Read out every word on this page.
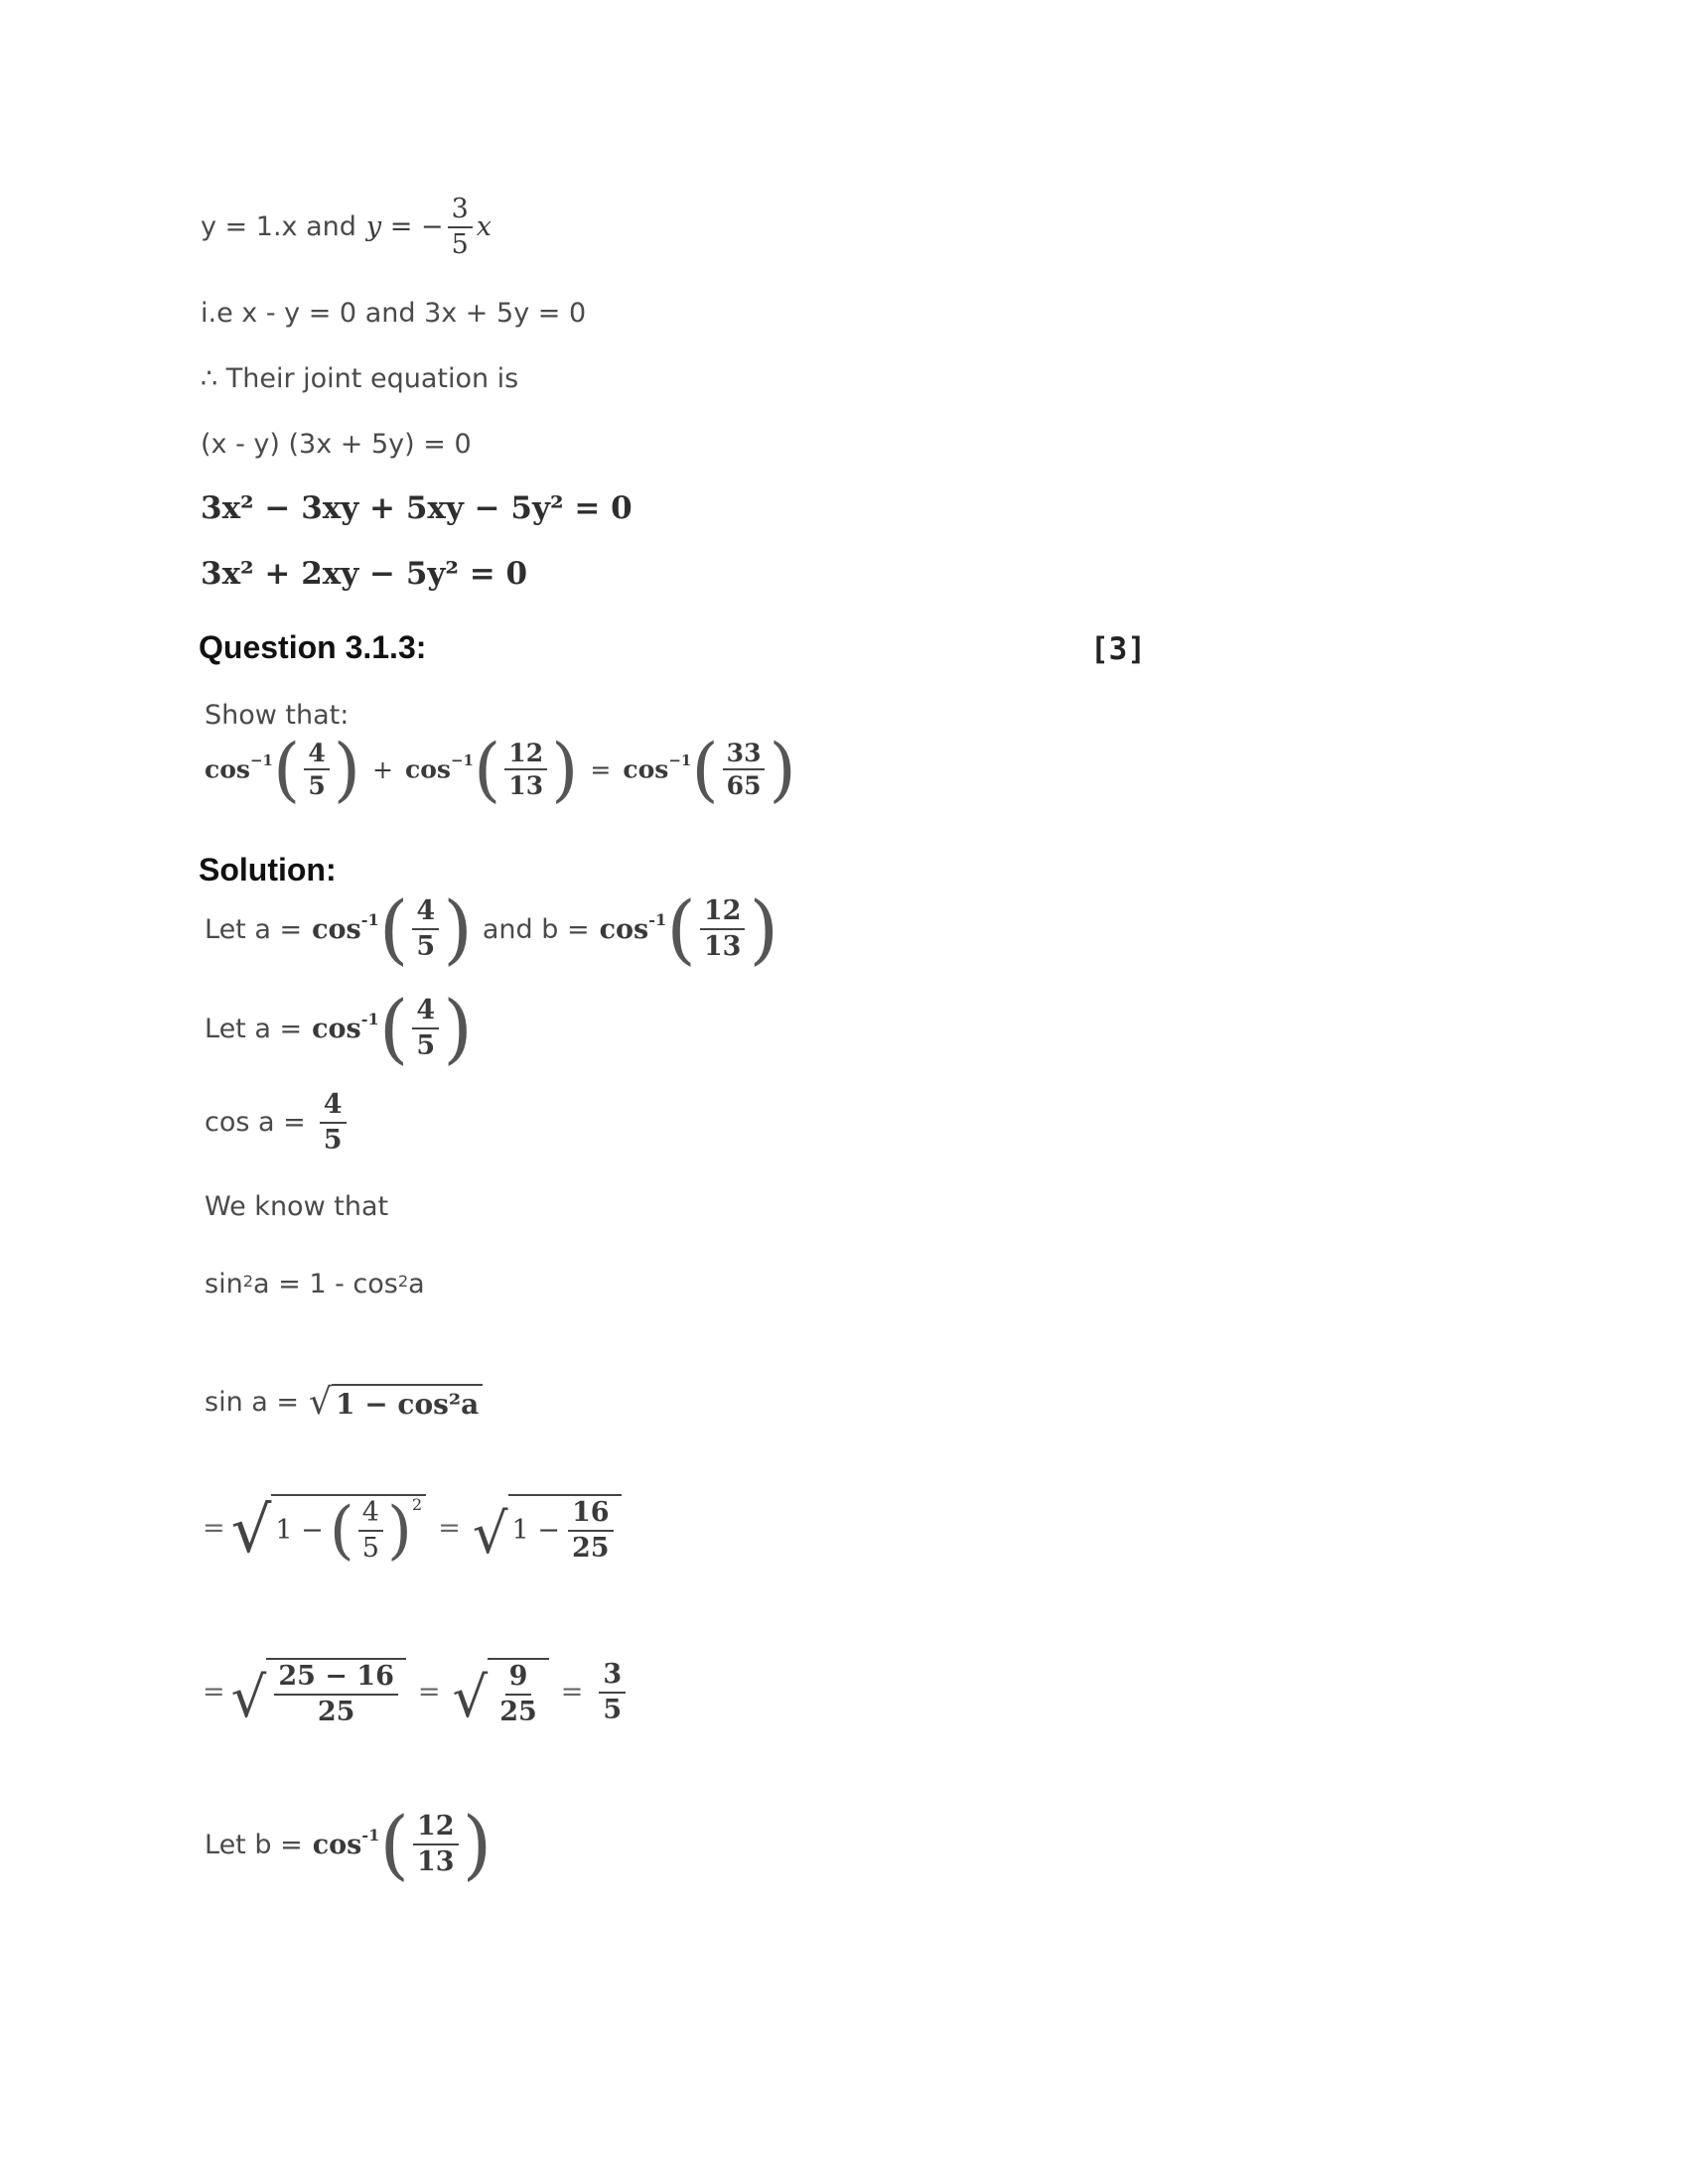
y = 1.x and y = − $\frac{3}{5}$ x
i.e x - y = 0 and 3x + 5y = 0
∴ Their joint equation is
(x - y) (3x + 5y) = 0
3x² − 3xy + 5xy − 5y² = 0
3x² + 2xy − 5y² = 0
Question 3.1.3:	[3]
Show that:
$\cos^{-1}$ ( $\frac{4}{5}$ ) + $\cos^{-1}$ ( $\frac{12}{13}$ ) = $\cos^{-1}$ ( $\frac{33}{65}$ )
Solution:
Let $a = \cos^{-1}$ ( $\frac{4}{5}$ ) and $b = \cos^{-1}$ ( $\frac{12}{13}$ )
Let $a = \cos^{-1}$ ( $\frac{4}{5}$ )
$\cos a = \frac{4}{5}$
We know that
$\sin^2 a = 1 - \cos^2 a$
sin a = √ 1 − cos²a
= √ 1 − ( $\frac{4}{5} )^2$
= √ $1 - \frac{16}{25}$
= √ $\frac{25 - 16}{25}$ = √ $\frac{9}{25} = \frac{3}{5}$
Let $b = \cos^{-1}$ ( $\frac{12}{13}$ )
